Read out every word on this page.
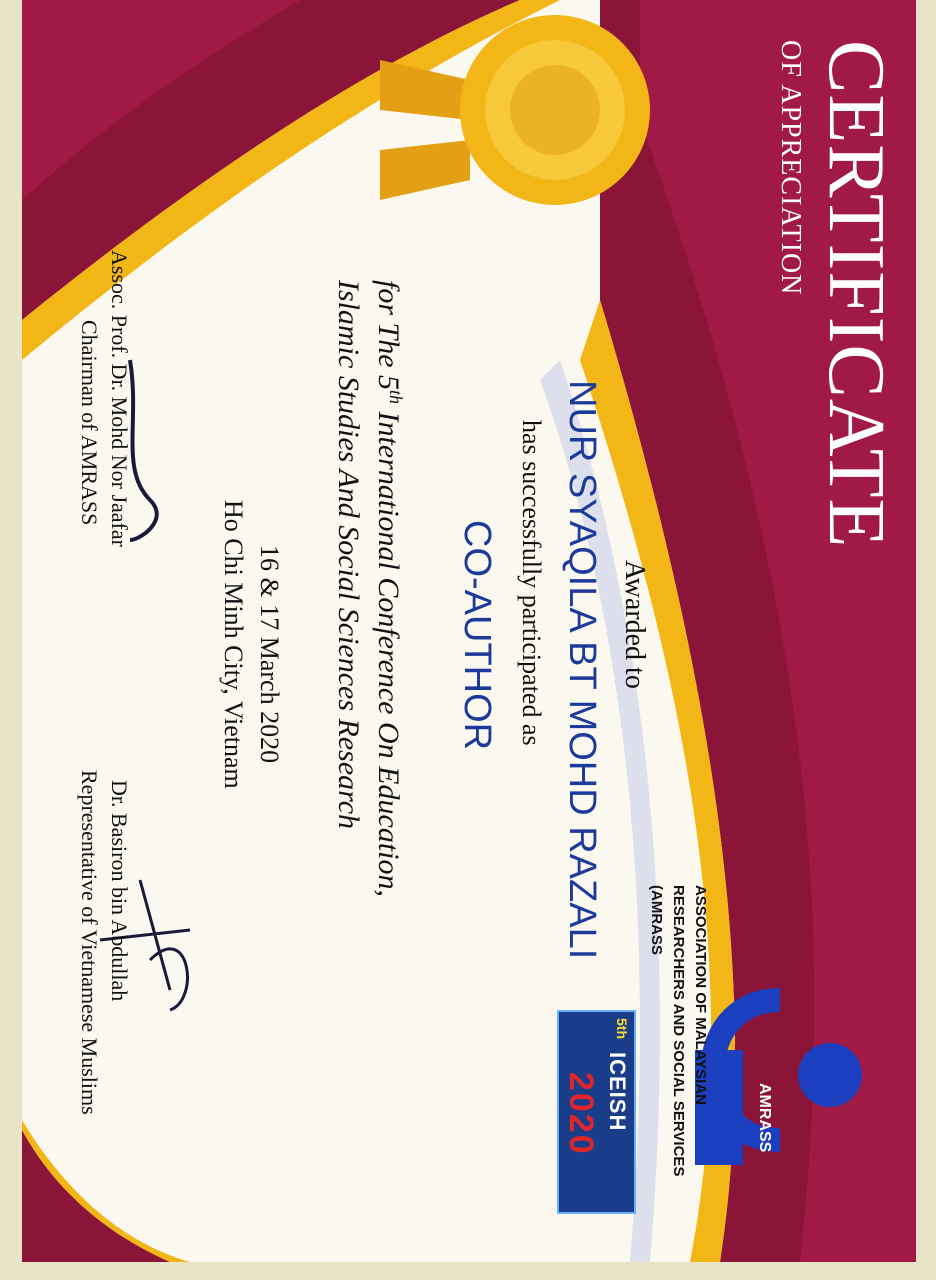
CERTIFICATE
OF APPRECIATION
Awarded to
NUR SYAQILA BT MOHD RAZALI
has successfully participated as
CO-AUTHOR
for The 5th International Conference On Education,
Islamic Studies And Social Sciences Research
16 & 17 March 2020
Ho Chi Minh City, Vietnam
Assoc. Prof. Dr. Mohd Nor Jaafar
Chairman of AMRASS
Dr. Basiron bin Abdullah
Representative of Vietnamese Muslims	ASSOCIATION OF MALAYSIAN RESEARCHERS AND SOCIAL SERVICES (AMRASS
AMRASS
5th
ICEISH
2020
